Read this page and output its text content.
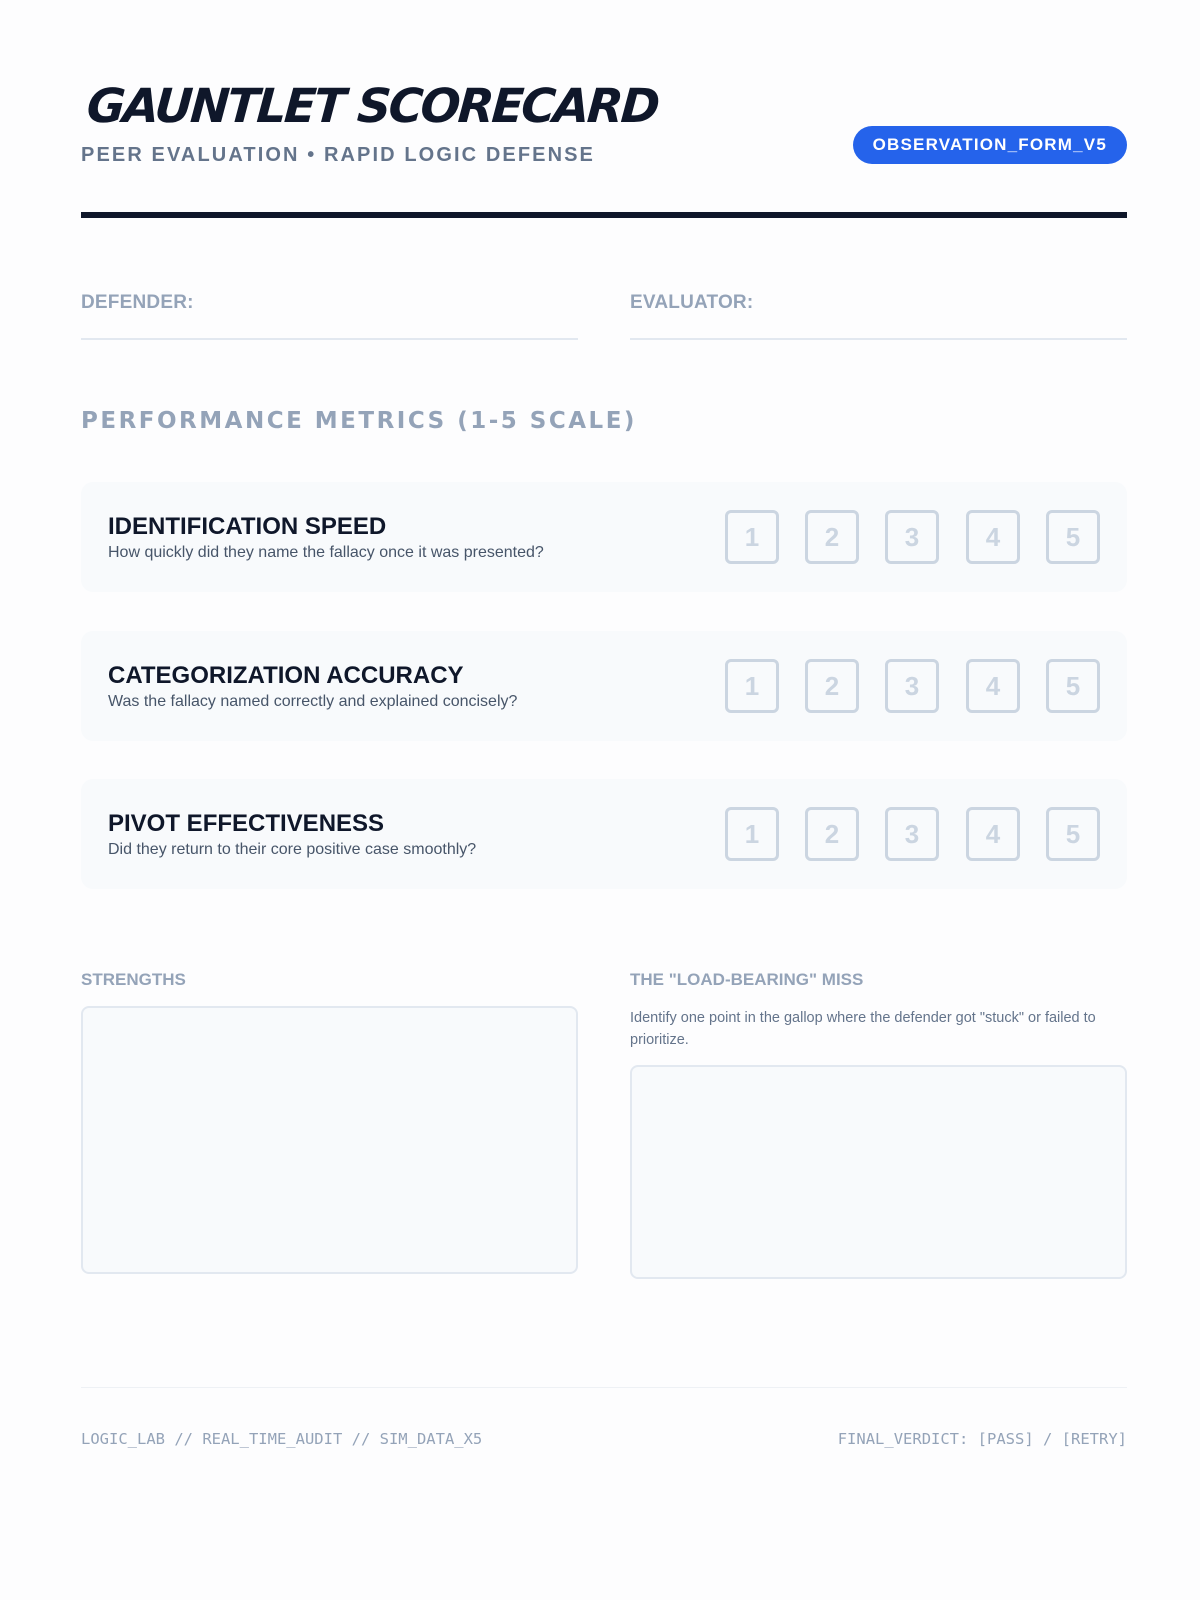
GAUNTLET SCORECARD
PEER EVALUATION • RAPID LOGIC DEFENSE	OBSERVATION_FORM_V5
DEFENDER:	EVALUATOR:
PERFORMANCE METRICS (1-5 SCALE)
IDENTIFICATION SPEED
How quickly did they name the fallacy once it was presented?
1	2	3	4	5
CATEGORIZATION ACCURACY
Was the fallacy named correctly and explained concisely?
1	2	3	4	5
PIVOT EFFECTIVENESS
Did they return to their core positive case smoothly?
1	2	3	4	5
STRENGTHS	THE "LOAD-BEARING" MISS
Identify one point in the gallop where the defender got "stuck" or failed to prioritize.
LOGIC_LAB // REAL_TIME_AUDIT // SIM_DATA_X5	FINAL_VERDICT: [PASS] / [RETRY]
